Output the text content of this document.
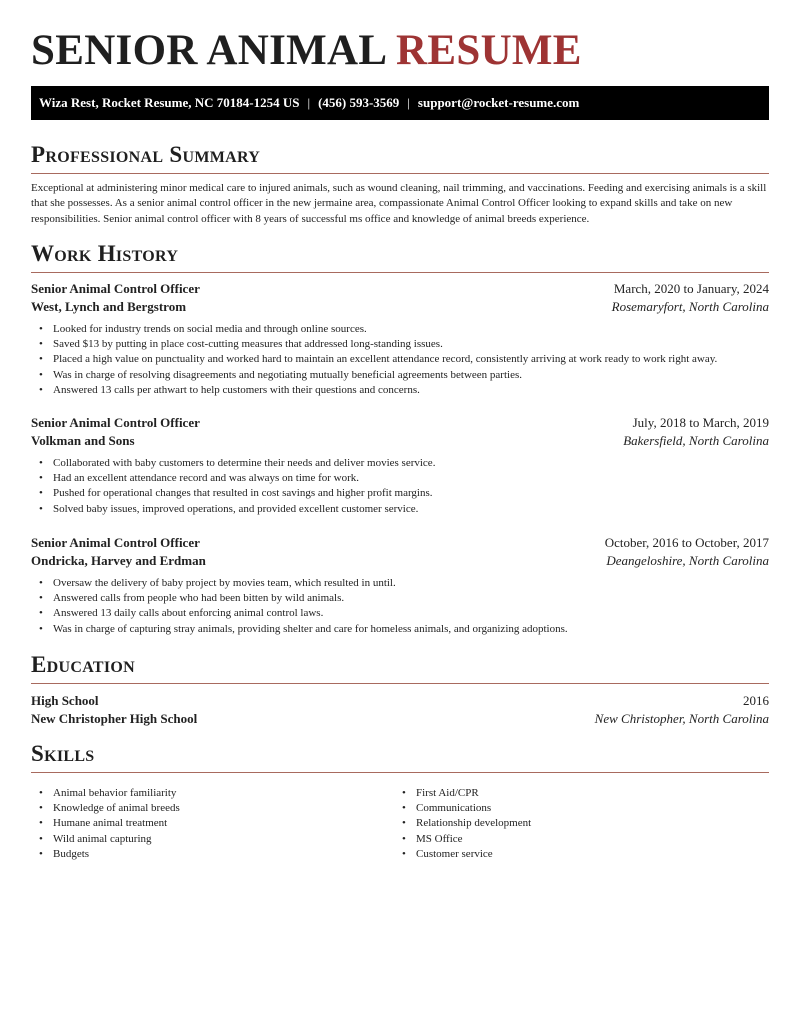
SENIOR ANIMAL RESUME
Wiza Rest, Rocket Resume, NC 70184-1254 US | (456) 593-3569 | support@rocket-resume.com
Professional Summary

Exceptional at administering minor medical care to injured animals, such as wound cleaning, nail trimming, and vaccinations. Feeding and exercising animals is a skill that she possesses. As a senior animal control officer in the new jermaine area, compassionate Animal Control Officer looking to expand skills and take on new responsibilities. Senior animal control officer with 8 years of successful ms office and knowledge of animal breeds experience.

Work History
Senior Animal Control Officer	March, 2020 to January, 2024
West, Lynch and Bergstrom	Rosemaryfort, North Carolina
• Looked for industry trends on social media and through online sources.
• Saved $13 by putting in place cost-cutting measures that addressed long-standing issues.
• Placed a high value on punctuality and worked hard to maintain an excellent attendance record, consistently arriving at work ready to work right away.
• Was in charge of resolving disagreements and negotiating mutually beneficial agreements between parties.
• Answered 13 calls per athwart to help customers with their questions and concerns.
Senior Animal Control Officer	July, 2018 to March, 2019
Volkman and Sons	Bakersfield, North Carolina
• Collaborated with baby customers to determine their needs and deliver movies service.
• Had an excellent attendance record and was always on time for work.
• Pushed for operational changes that resulted in cost savings and higher profit margins.
• Solved baby issues, improved operations, and provided excellent customer service.
Senior Animal Control Officer	October, 2016 to October, 2017
Ondricka, Harvey and Erdman	Deangeloshire, North Carolina
• Oversaw the delivery of baby project by movies team, which resulted in until.
• Answered calls from people who had been bitten by wild animals.
• Answered 13 daily calls about enforcing animal control laws.
• Was in charge of capturing stray animals, providing shelter and care for homeless animals, and organizing adoptions.
Education
High School	2016
New Christopher High School	New Christopher, North Carolina
Skills
• Animal behavior familiarity
• Knowledge of animal breeds
• Humane animal treatment
• Wild animal capturing
• Budgets
• First Aid/CPR
• Communications
• Relationship development
• MS Office
• Customer service
